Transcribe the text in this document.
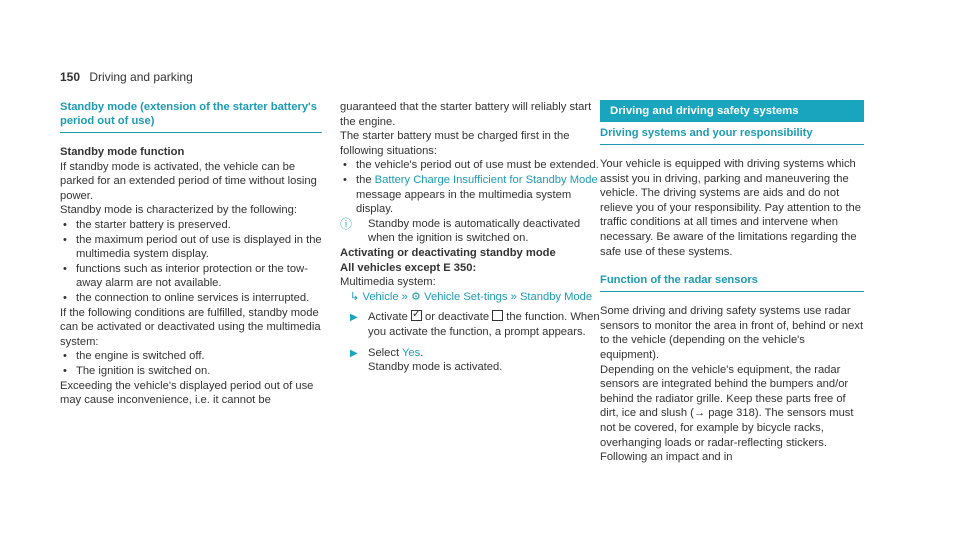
150 Driving and parking
Standby mode (extension of the starter battery's period out of use)

Standby mode function

If standby mode is activated, the vehicle can be parked for an extended period of time without losing power.

Standby mode is characterized by the following:

• the starter battery is preserved.
• the maximum period out of use is displayed in the multimedia system display.
• functions such as interior protection or the tow-away alarm are not available.
• the connection to online services is interrupted.

If the following conditions are fulfilled, standby mode can be activated or deactivated using the multimedia system:

• the engine is switched off.
• The ignition is switched on.

Exceeding the vehicle's displayed period out of use may cause inconvenience, i.e. it cannot be

guaranteed that the starter battery will reliably start the engine.

The starter battery must be charged first in the following situations:

• the vehicle's period out of use must be extended.
• the Battery Charge Insufficient for Standby Mode message appears in the multimedia system display.
ⓘ Standby mode is automatically deactivated when the ignition is switched on.

Activating or deactivating standby mode

All vehicles except E 350:

Multimedia system:

↳ Vehicle » ⚙ Vehicle Set-tings » Standby Mode

▶ Activate ✓ or deactivate the function. When you activate the function, a prompt appears.
▶ Select Yes.
Standby mode is activated.
Driving and driving safety systems
Driving systems and your responsibility

Your vehicle is equipped with driving systems which assist you in driving, parking and maneuvering the vehicle. The driving systems are aids and do not relieve you of your responsibility. Pay attention to the traffic conditions at all times and intervene when necessary. Be aware of the limitations regarding the safe use of these systems.

Function of the radar sensors

Some driving and driving safety systems use radar sensors to monitor the area in front of, behind or next to the vehicle (depending on the vehicle's equipment).

Depending on the vehicle's equipment, the radar sensors are integrated behind the bumpers and/or behind the radiator grille. Keep these parts free of dirt, ice and slush (→ page 318). The sensors must not be covered, for example by bicycle racks, overhanging loads or radar-reflecting stickers. Following an impact and in
